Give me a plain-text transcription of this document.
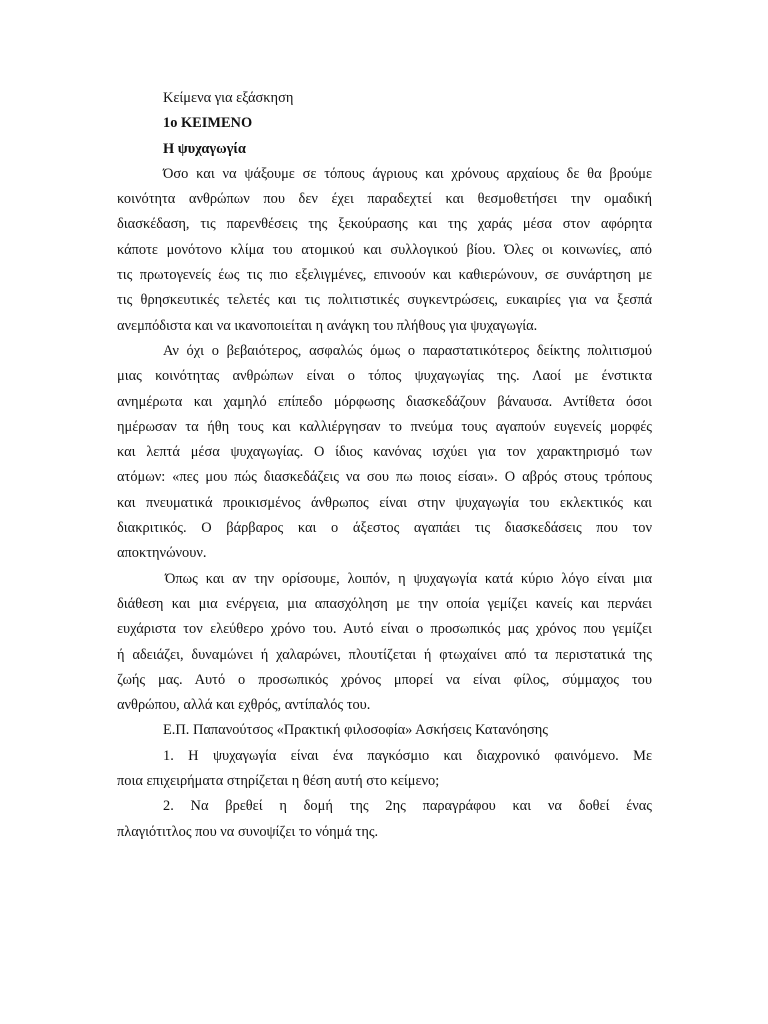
Κείμενα για εξάσκηση
1ο ΚΕΙΜΕΝΟ
Η ψυχαγωγία
Όσο και να ψάξουμε σε τόπους άγριους και χρόνους αρχαίους δε θα βρούμε
κοινότητα ανθρώπων που δεν έχει παραδεχτεί και θεσμοθετήσει την ομαδική
διασκέδαση, τις παρενθέσεις της ξεκούρασης και της χαράς μέσα στον αφόρητα
κάποτε μονότονο κλίμα του ατομικού και συλλογικού βίου. Όλες οι κοινωνίες, από
τις πρωτογενείς έως τις πιο εξελιγμένες, επινοούν και καθιερώνουν, σε συνάρτηση με
τις θρησκευτικές τελετές και τις πολιτιστικές συγκεντρώσεις, ευκαιρίες για να ξεσπά
ανεμπόδιστα και να ικανοποιείται η ανάγκη του πλήθους για ψυχαγωγία.
Αν όχι ο βεβαιότερος, ασφαλώς όμως ο παραστατικότερος δείκτης πολιτισμού
μιας κοινότητας ανθρώπων είναι ο τόπος ψυχαγωγίας της. Λαοί με ένστικτα
ανημέρωτα και χαμηλό επίπεδο μόρφωσης διασκεδάζουν βάναυσα. Αντίθετα όσοι
ημέρωσαν τα ήθη τους και καλλιέργησαν το πνεύμα τους αγαπούν ευγενείς μορφές
και λεπτά μέσα ψυχαγωγίας. Ο ίδιος κανόνας ισχύει για τον χαρακτηρισμό των
ατόμων: «πες μου πώς διασκεδάζεις να σου πω ποιος είσαι». Ο αβρός στους τρόπους
και πνευματικά προικισμένος άνθρωπος είναι στην ψυχαγωγία του εκλεκτικός και
διακριτικός. Ο βάρβαρος και ο άξεστος αγαπάει τις διασκεδάσεις που τον
αποκτηνώνουν.
Όπως και αν την ορίσουμε, λοιπόν, η ψυχαγωγία κατά κύριο λόγο είναι μια
διάθεση και μια ενέργεια, μια απασχόληση με την οποία γεμίζει κανείς και περνάει
ευχάριστα τον ελεύθερο χρόνο του. Αυτό είναι ο προσωπικός μας χρόνος που γεμίζει
ή αδειάζει, δυναμώνει ή χαλαρώνει, πλουτίζεται ή φτωχαίνει από τα περιστατικά της
ζωής μας. Αυτό ο προσωπικός χρόνος μπορεί να είναι φίλος, σύμμαχος του
ανθρώπου, αλλά και εχθρός, αντίπαλός του.
Ε.Π. Παπανούτσος «Πρακτική φιλοσοφία» Ασκήσεις Κατανόησης
1. Η ψυχαγωγία είναι ένα παγκόσμιο και διαχρονικό φαινόμενο. Με
ποια επιχειρήματα στηρίζεται η θέση αυτή στο κείμενο;
2. Να βρεθεί η δομή της 2ης παραγράφου και να δοθεί ένας
πλαγιότιτλος που να συνοψίζει το νόημά της.
